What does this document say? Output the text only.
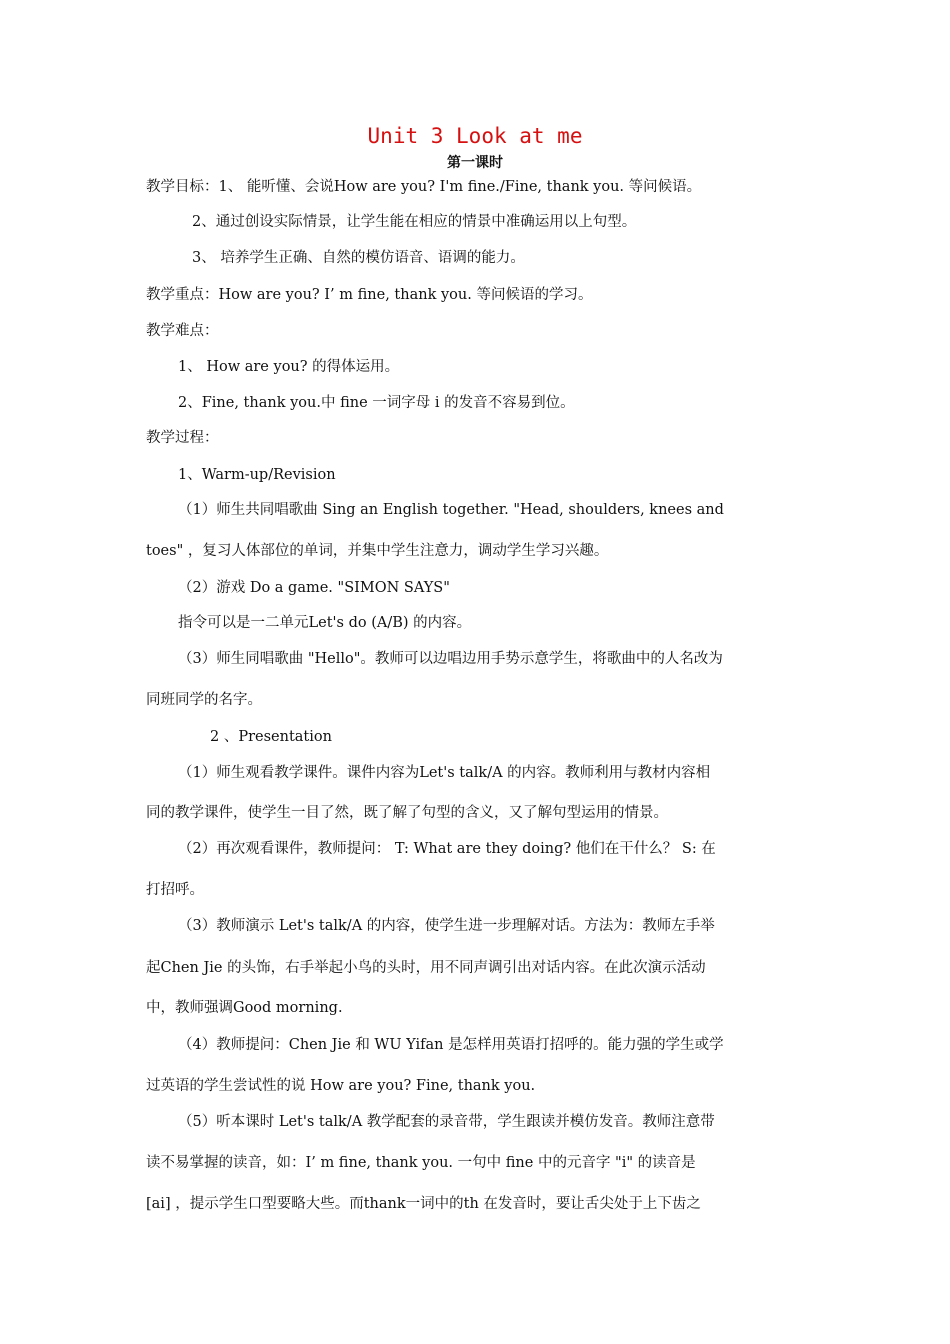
Unit 3 Look at me
第一课时
教学目标：1、 能听懂、会说How are you? I'm fine./Fine, thank you. 等问候语。
2、通过创设实际情景，让学生能在相应的情景中准确运用以上句型。
3、 培养学生正确、自然的模仿语音、语调的能力。
教学重点：How are you? I’ m fine, thank you. 等问候语的学习。
教学难点：
1、 How are you? 的得体运用。
2、Fine, thank you.中 fine 一词字母 i 的发音不容易到位。
教学过程：
1、Warm-up/Revision
（1）师生共同唱歌曲 Sing an English together. "Head, shoulders, knees and
toes" ，复习人体部位的单词，并集中学生注意力，调动学生学习兴趣。
（2）游戏 Do a game. "SIMON SAYS"
指令可以是一二单元Let's do (A/B) 的内容。
（3）师生同唱歌曲 "Hello"。教师可以边唱边用手势示意学生，将歌曲中的人名改为
同班同学的名字。
2 、Presentation
（1）师生观看教学课件。课件内容为Let's talk/A 的内容。教师利用与教材内容相
同的教学课件，使学生一目了然，既了解了句型的含义，又了解句型运用的情景。
（2）再次观看课件，教师提问： T: What are they doing? 他们在干什么？ S: 在
打招呼。
（3）教师演示 Let's talk/A 的内容，使学生进一步理解对话。方法为：教师左手举
起Chen Jie 的头饰，右手举起小鸟的头时，用不同声调引出对话内容。在此次演示活动
中，教师强调Good morning.
（4）教师提问：Chen Jie 和 WU Yifan 是怎样用英语打招呼的。能力强的学生或学
过英语的学生尝试性的说 How are you? Fine, thank you.
（5）听本课时 Let's talk/A 教学配套的录音带，学生跟读并模仿发音。教师注意带
读不易掌握的读音，如：I’ m fine, thank you. 一句中 fine 中的元音字 "i" 的读音是
[ai] ，提示学生口型要略大些。而thank一词中的th 在发音时，要让舌尖处于上下齿之
